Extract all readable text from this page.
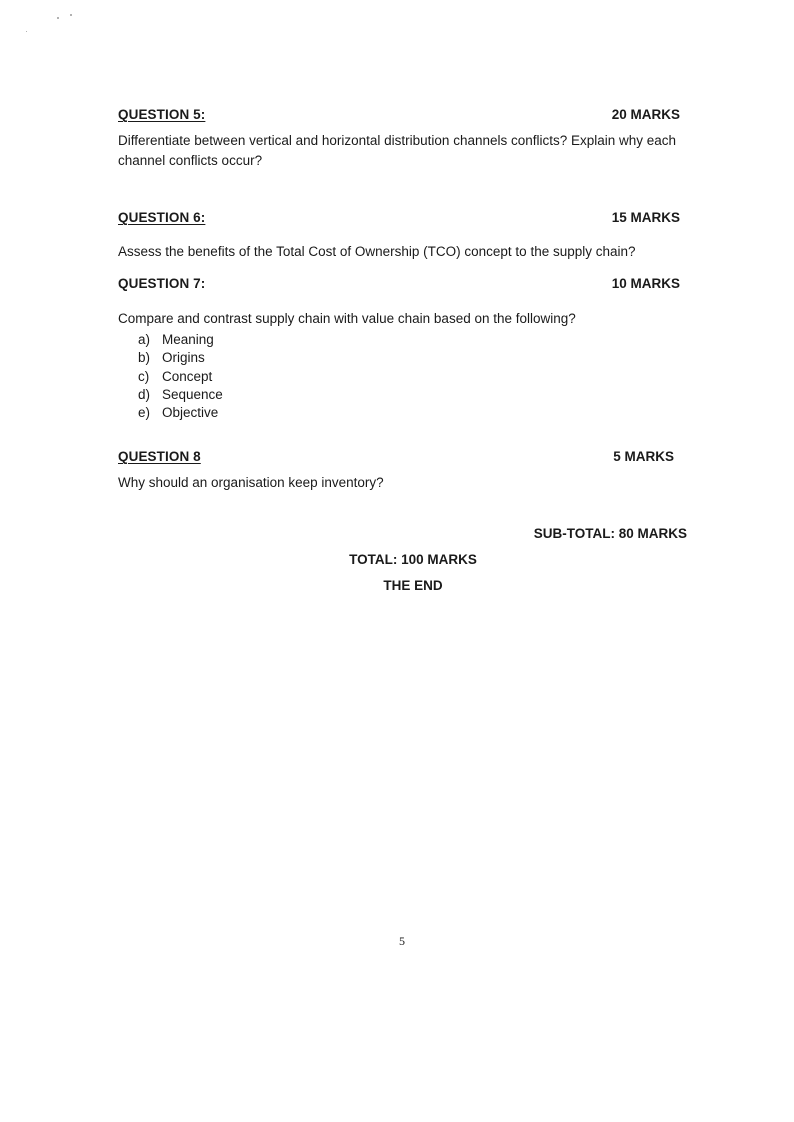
QUESTION 5:	20 MARKS
Differentiate between vertical and horizontal distribution channels conflicts? Explain why each channel conflicts occur?
QUESTION 6:	15 MARKS
Assess the benefits of the Total Cost of Ownership (TCO) concept to the supply chain?
QUESTION 7:	10 MARKS
Compare and contrast supply chain with value chain based on the following?
a) Meaning
b) Origins
c) Concept
d) Sequence
e) Objective
QUESTION 8	5 MARKS
Why should an organisation keep inventory?
SUB-TOTAL: 80 MARKS
TOTAL: 100 MARKS
THE END
5
